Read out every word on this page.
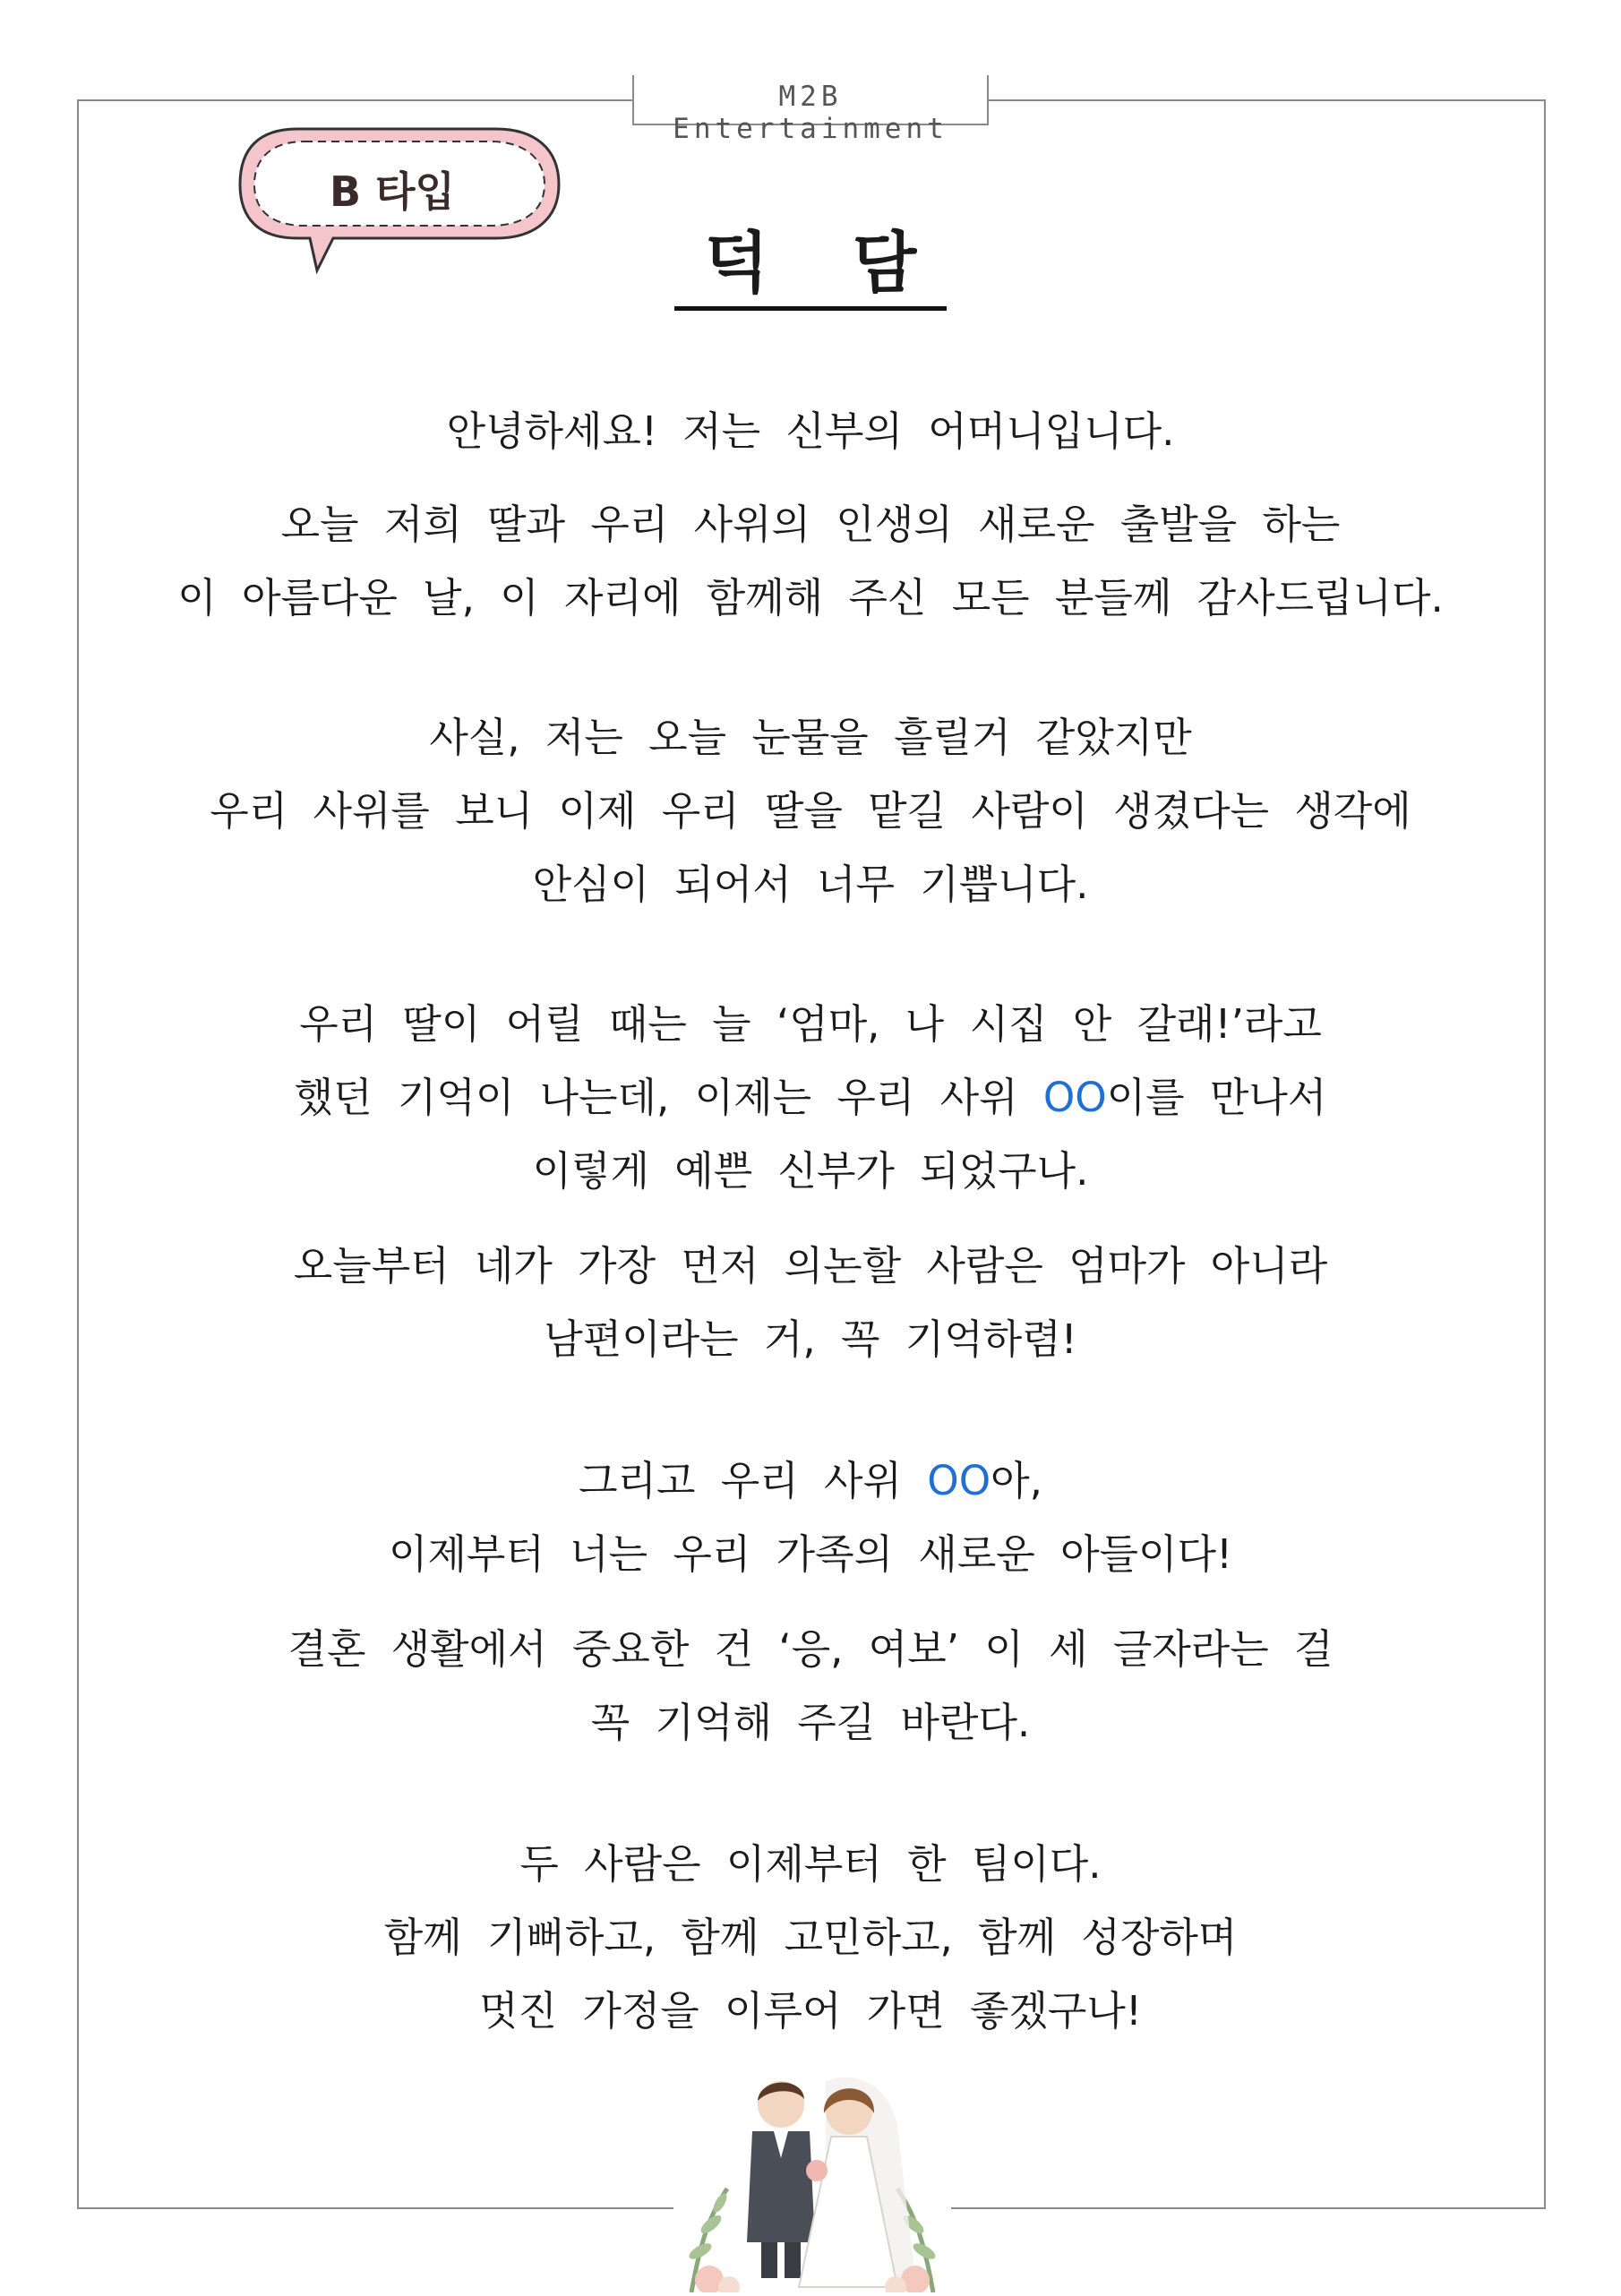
M2B Entertainment
B 타입
덕 담
안녕하세요! 저는 신부의 어머니입니다.
오늘 저희 딸과 우리 사위의 인생의 새로운 출발을 하는
이 아름다운 날, 이 자리에 함께해 주신 모든 분들께 감사드립니다.
사실, 저는 오늘 눈물을 흘릴거 같았지만
우리 사위를 보니 이제 우리 딸을 맡길 사람이 생겼다는 생각에
안심이 되어서 너무 기쁩니다.
우리 딸이 어릴 때는 늘 ‘엄마, 나 시집 안 갈래!’라고
했던 기억이 나는데, 이제는 우리 사위 OO이를 만나서
이렇게 예쁜 신부가 되었구나.
오늘부터 네가 가장 먼저 의논할 사람은 엄마가 아니라
남편이라는 거, 꼭 기억하렴!
그리고 우리 사위 OO아,
이제부터 너는 우리 가족의 새로운 아들이다!
결혼 생활에서 중요한 건 ‘응, 여보’ 이 세 글자라는 걸
꼭 기억해 주길 바란다.
두 사람은 이제부터 한 팀이다.
함께 기뻐하고, 함께 고민하고, 함께 성장하며
멋진 가정을 이루어 가면 좋겠구나!
